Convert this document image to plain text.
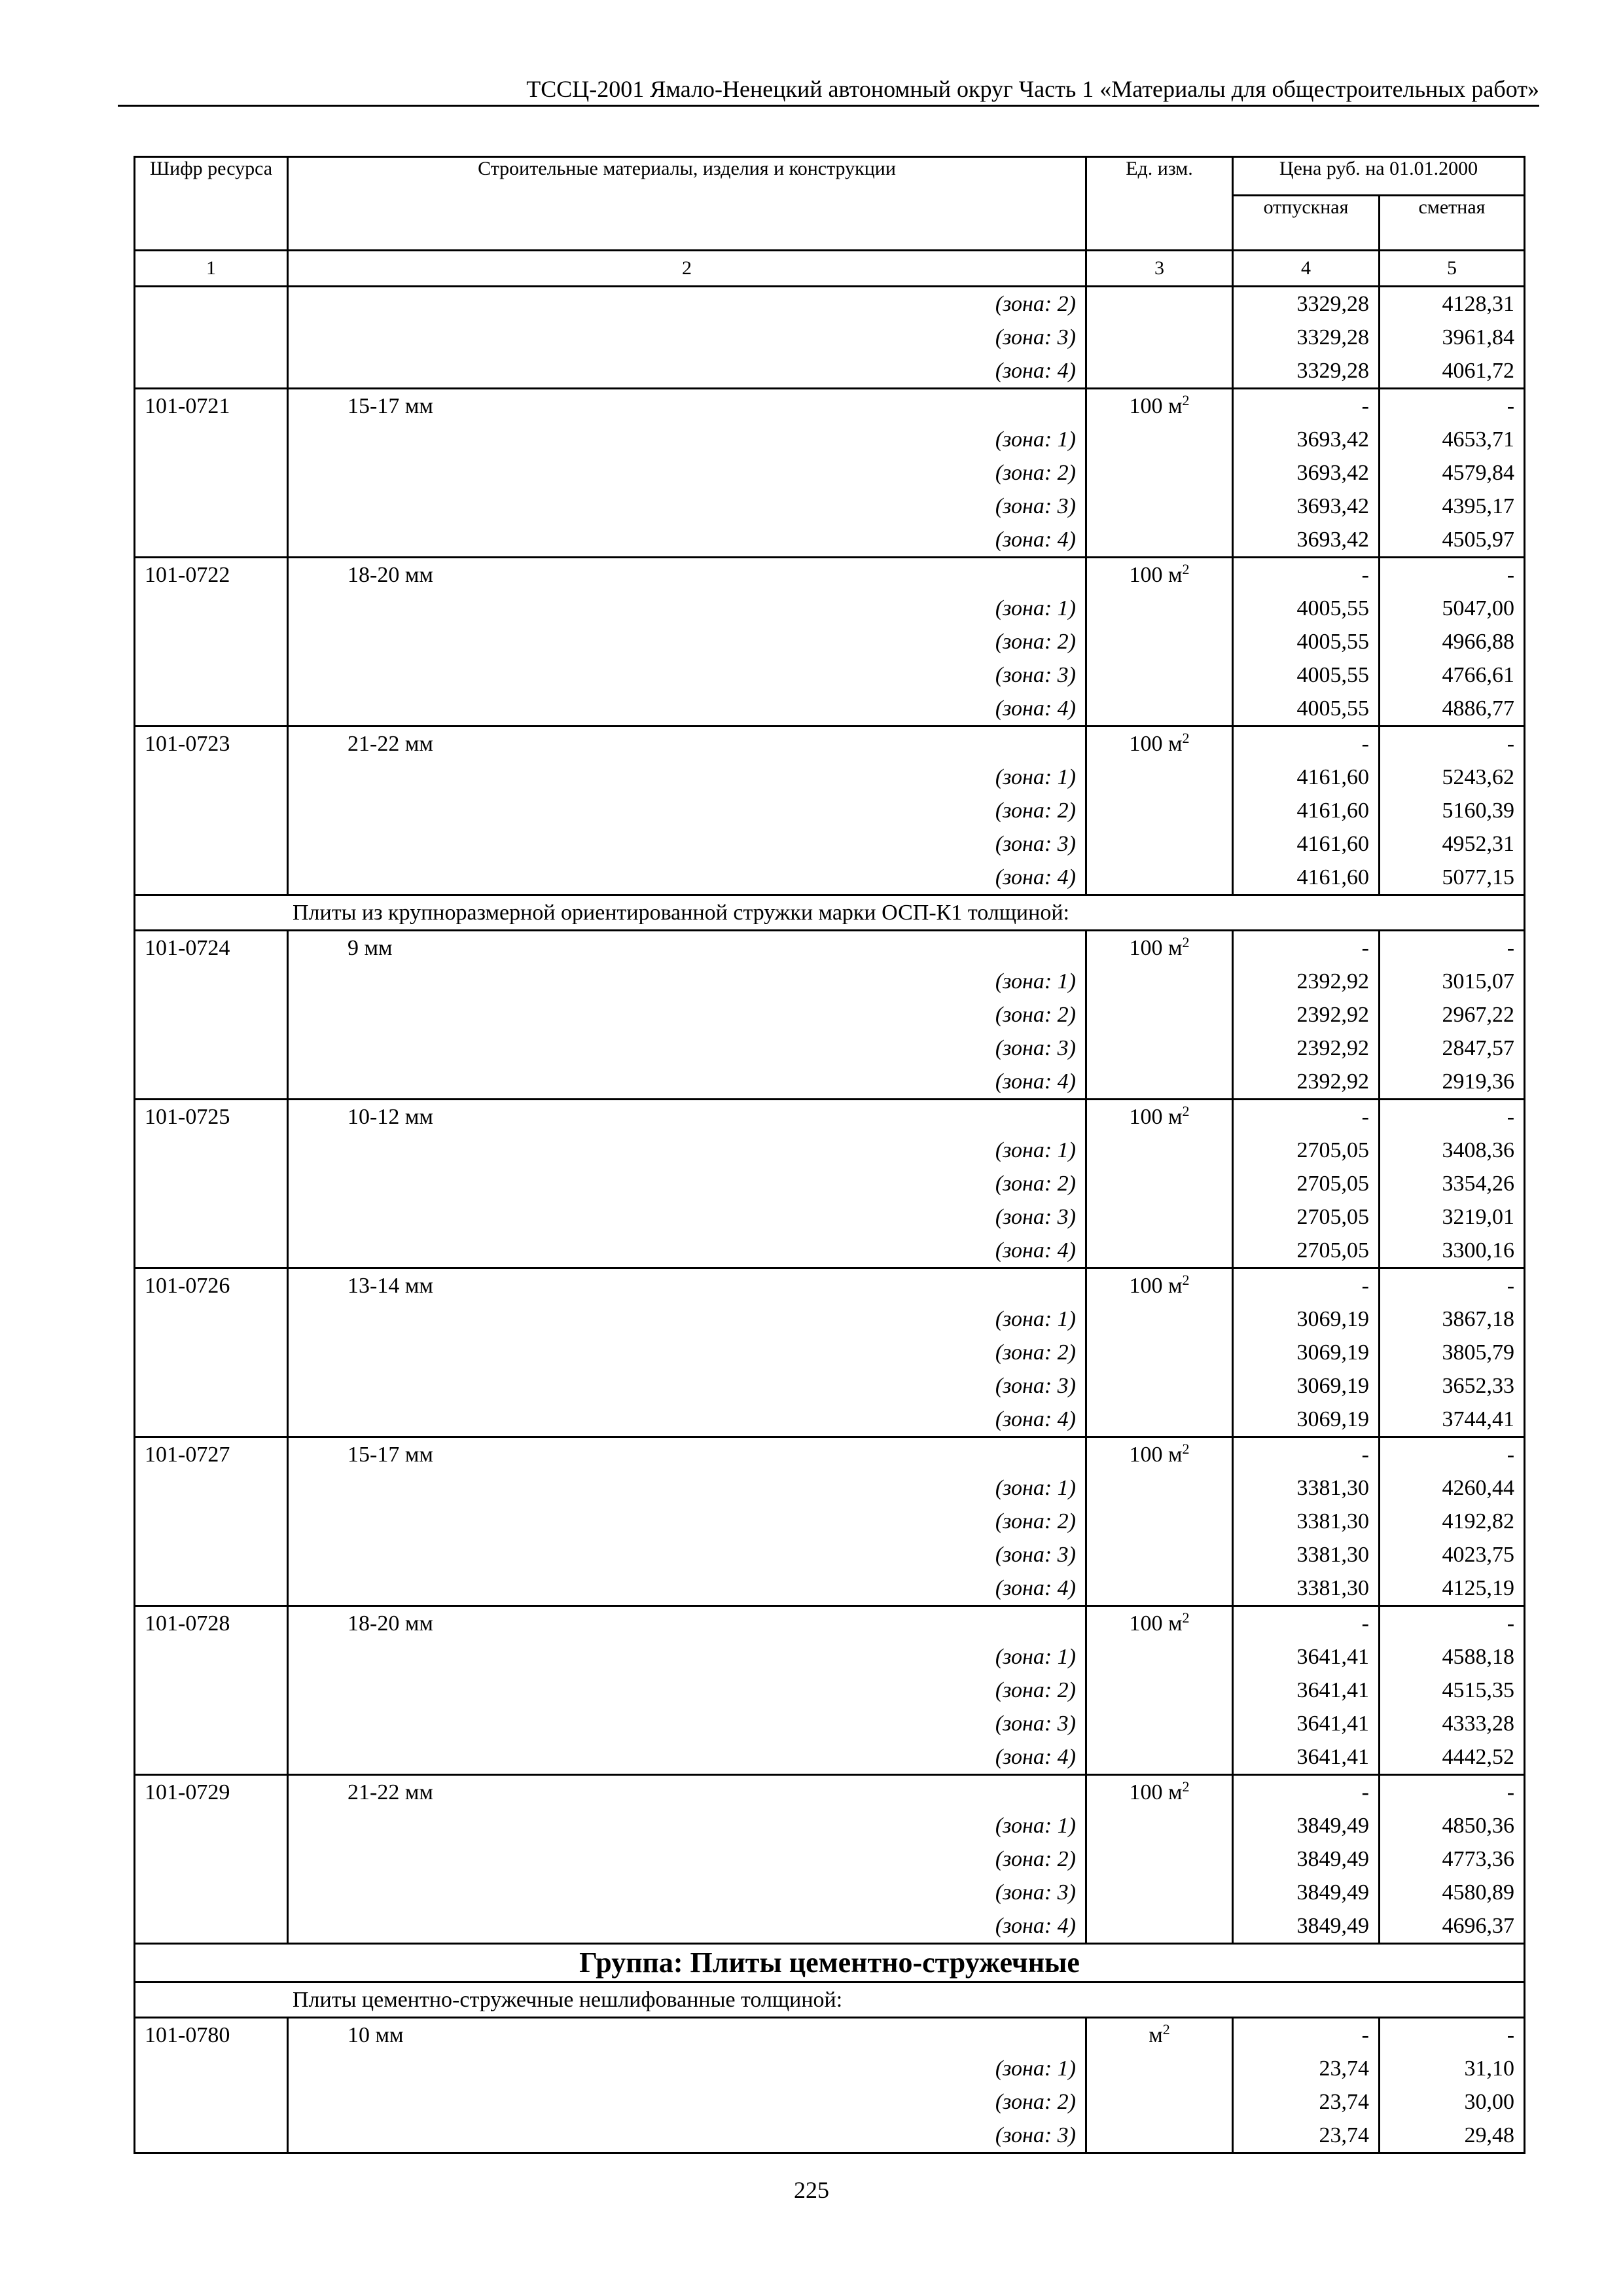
ТССЦ-2001 Ямало-Ненецкий автономный округ Часть 1 «Материалы для общестроительных работ»
Шифр ресурса	Строительные материалы, изделия и конструкции	Ед. изм.	Цена руб. на 01.01.2000	
			отпускная	сметная
1	2	3	4	5
	(зона: 2)		3329,28	4128,31
	(зона: 3)		3329,28	3961,84
	(зона: 4)		3329,28	4061,72
101-0721	15-17 мм	100 $м^2$	-	-
	(зона: 1)		3693,42	4653,71
	(зона: 2)		3693,42	4579,84
	(зона: 3)		3693,42	4395,17
	(зона: 4)		3693,42	4505,97
101-0722	18-20 мм	100 $м^2$	-	-
	(зона: 1)		4005,55	5047,00
	(зона: 2)		4005,55	4966,88
	(зона: 3)		4005,55	4766,61
	(зона: 4)		4005,55	4886,77
101-0723	21-22 мм	100 $м^2$	-	-
	(зона: 1)		4161,60	5243,62
	(зона: 2)		4161,60	5160,39
	(зона: 3)		4161,60	4952,31
	(зона: 4)		4161,60	5077,15
Плиты из крупноразмерной ориентированной стружки марки ОСП-К1 толщиной:				
101-0724	9 мм	100 $м^2$	-	-
	(зона: 1)		2392,92	3015,07
	(зона: 2)		2392,92	2967,22
	(зона: 3)		2392,92	2847,57
	(зона: 4)		2392,92	2919,36
101-0725	10-12 мм	100 $м^2$	-	-
	(зона: 1)		2705,05	3408,36
	(зона: 2)		2705,05	3354,26
	(зона: 3)		2705,05	3219,01
	(зона: 4)		2705,05	3300,16
101-0726	13-14 мм	100 $м^2$	-	-
	(зона: 1)		3069,19	3867,18
	(зона: 2)		3069,19	3805,79
	(зона: 3)		3069,19	3652,33
	(зона: 4)		3069,19	3744,41
101-0727	15-17 мм	100 $м^2$	-	-
	(зона: 1)		3381,30	4260,44
	(зона: 2)		3381,30	4192,82
	(зона: 3)		3381,30	4023,75
	(зона: 4)		3381,30	4125,19
101-0728	18-20 мм	100 $м^2$	-	-
	(зона: 1)		3641,41	4588,18
	(зона: 2)		3641,41	4515,35
	(зона: 3)		3641,41	4333,28
	(зона: 4)		3641,41	4442,52
101-0729	21-22 мм	100 $м^2$	-	-
	(зона: 1)		3849,49	4850,36
	(зона: 2)		3849,49	4773,36
	(зона: 3)		3849,49	4580,89
	(зона: 4)		3849,49	4696,37
Группа: Плиты цементно-стружечные				
Плиты цементно-стружечные нешлифованные толщиной:				
101-0780	10 мм	$м^2$	-	-
	(зона: 1)		23,74	31,10
	(зона: 2)		23,74	30,00
	(зона: 3)		23,74	29,48
225
